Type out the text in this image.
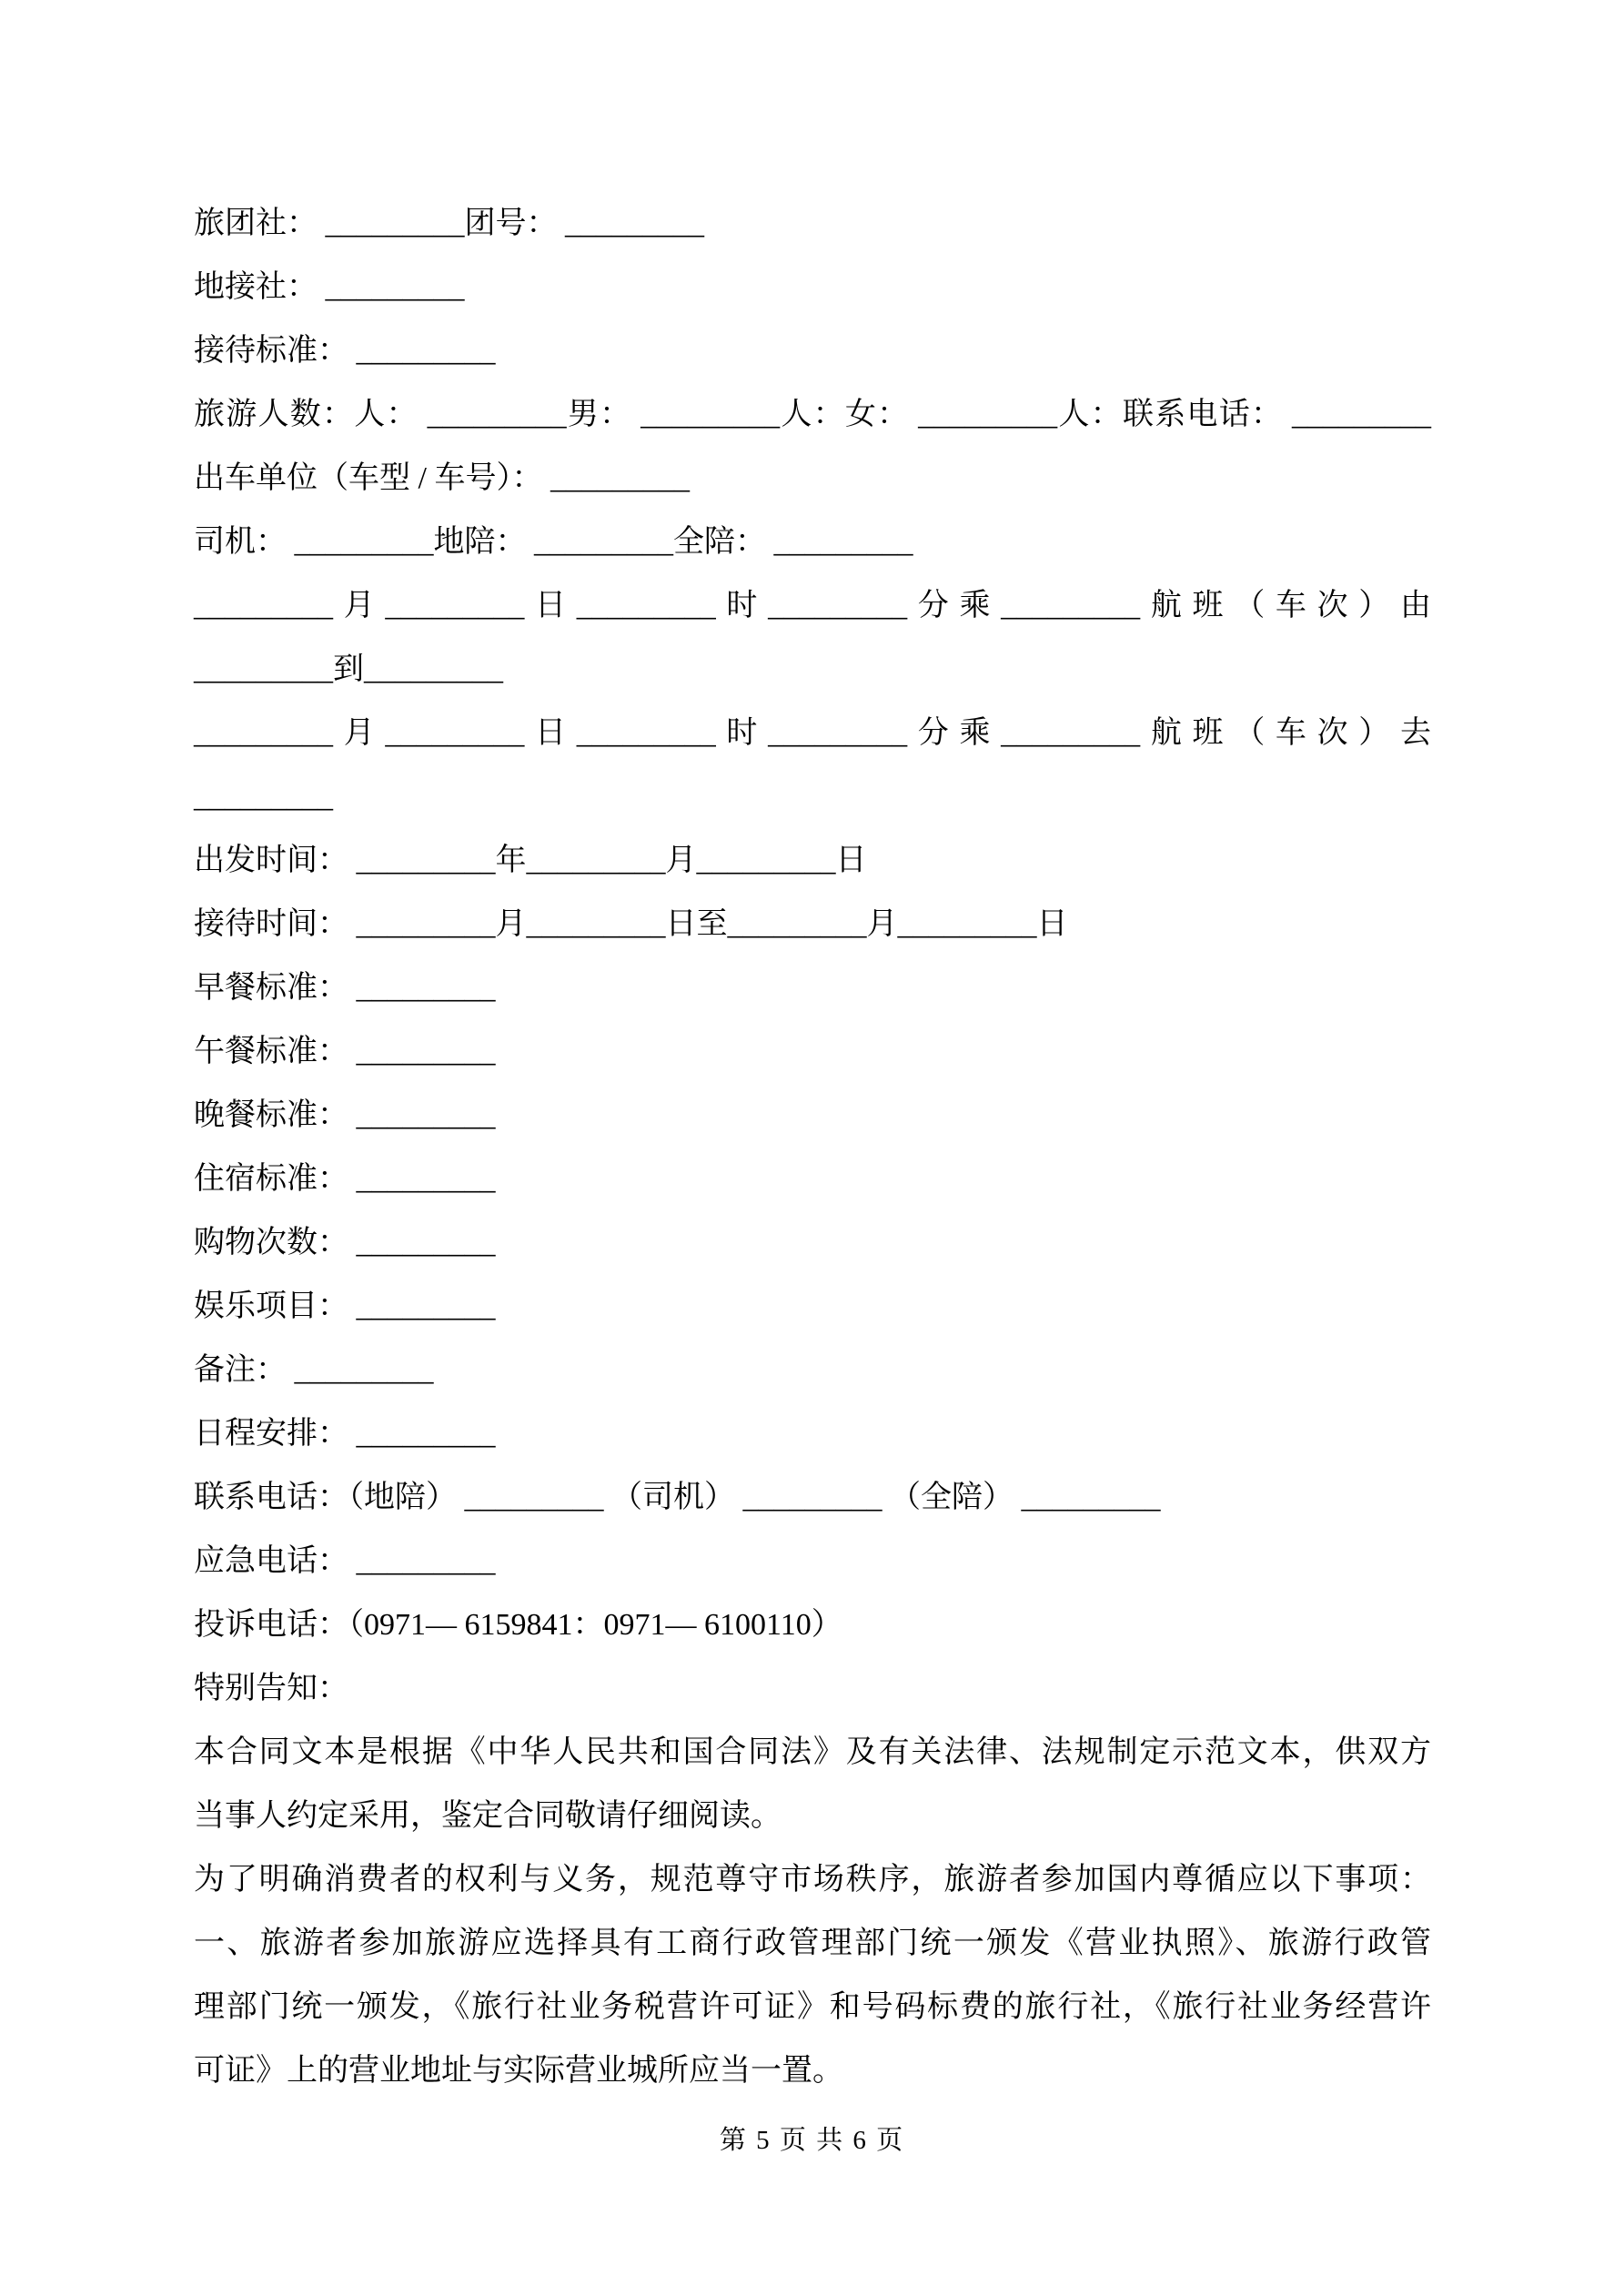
旅团社： _________团号： _________

地接社： _________

接待标准： _________

旅游人数：人： _________男： _________人：女： _________人：联系电话： _________

出车单位（车型 / 车号）： _________

司机： _________地陪： _________全陪： _________

_________月_________日_________时_________分乘_________航班（车次）由

_________到_________

_________月_________日_________时_________分乘_________航班（车次）去

_________

出发时间： _________年_________月_________日

接待时间： _________月_________日至_________月_________日

早餐标准： _________

午餐标准： _________

晚餐标准： _________

住宿标准： _________

购物次数： _________

娱乐项目： _________

备注： _________

日程安排： _________

联系电话：（地陪） _________ （司机） _________ （全陪） _________

应急电话： _________

投诉电话：（0971— 6159841：0971— 6100110）

特别告知：

本合同文本是根据《中华人民共和国合同法》及有关法律、法规制定示范文本，供双方

当事人约定采用，鉴定合同敬请仔细阅读。

为了明确消费者的权利与义务，规范尊守市场秩序，旅游者参加国内尊循应以下事项：

一、旅游者参加旅游应选择具有工商行政管理部门统一颁发《营业执照》、旅游行政管

理部门统一颁发，《旅行社业务税营许可证》和号码标费的旅行社，《旅行社业务经营许

可证》上的营业地址与实际营业城所应当一置。

第 5 页 共 6 页
